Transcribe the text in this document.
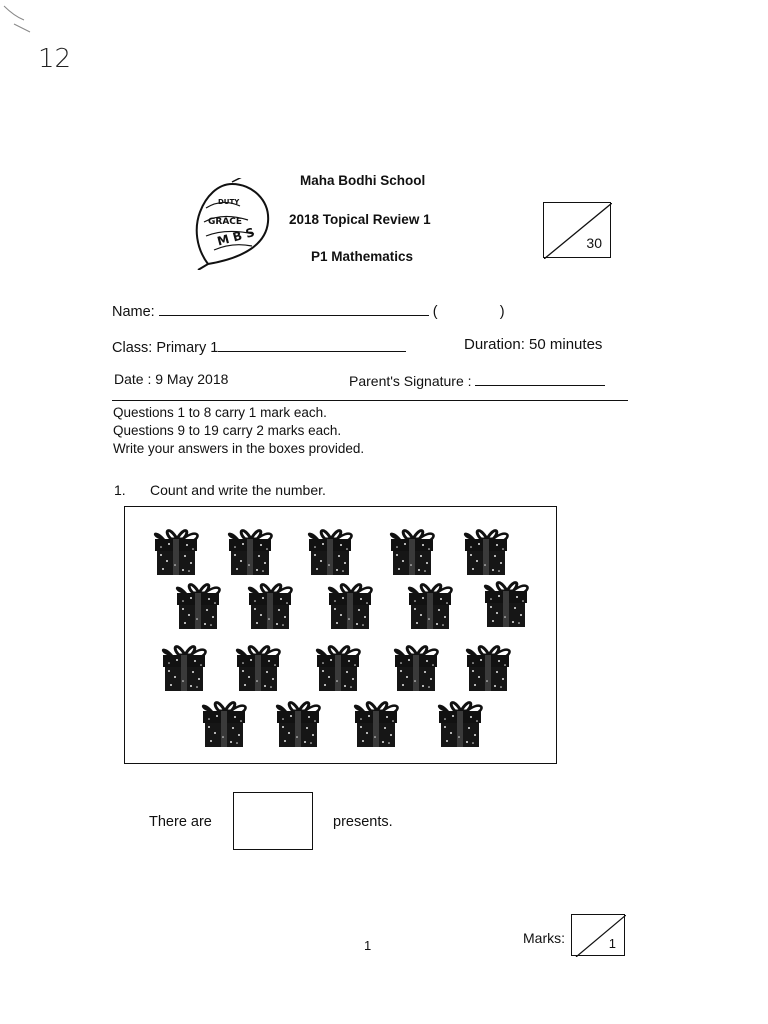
12
DUTY
GRACE
M B S
Maha Bodhi School
2018 Topical Review 1
P1 Mathematics
30
Name:	(	)
Class: Primary 1	Duration: 50 minutes
Date : 9 May 2018	Parent's Signature :
Questions 1 to 8 carry 1 mark each.
Questions 9 to 19 carry 2 marks each.
Write your answers in the boxes provided.
1. Count and write the number.
There are	presents.
1	Marks:	1
